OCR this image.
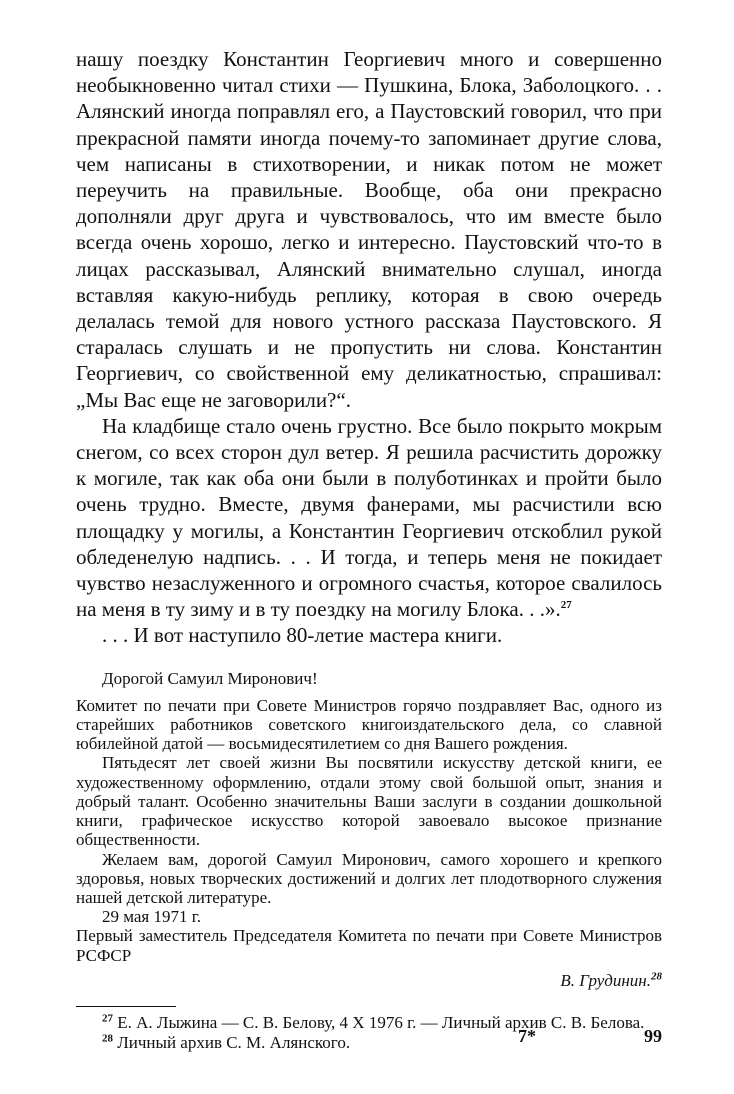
нашу поездку Константин Георгиевич много и совершенно необыкновенно читал стихи — Пушкина, Блока, Заболоцкого. . . Алянский иногда поправлял его, а Паустовский говорил, что при прекрасной памяти иногда почему-то запоминает другие слова, чем написаны в стихотворении, и никак потом не может переучить на правильные. Вообще, оба они прекрасно дополняли друг друга и чувствовалось, что им вместе было всегда очень хорошо, легко и интересно. Паустовский что-то в лицах рассказывал, Алянский внимательно слушал, иногда вставляя какую-нибудь реплику, которая в свою очередь делалась темой для нового устного рассказа Паустовского. Я старалась слушать и не пропустить ни слова. Константин Георгиевич, со свойственной ему деликатностью, спрашивал: „Мы Вас еще не заговорили?“.

На кладбище стало очень грустно. Все было покрыто мокрым снегом, со всех сторон дул ветер. Я решила расчистить дорожку к могиле, так как оба они были в полуботинках и пройти было очень трудно. Вместе, двумя фанерами, мы расчистили всю площадку у могилы, а Константин Георгиевич отскоблил рукой обледенелую надпись. . . И тогда, и теперь меня не покидает чувство незаслуженного и огромного счастья, которое свалилось на меня в ту зиму и в ту поездку на могилу Блока. . .».$^{27}$

. . . И вот наступило 80-летие мастера книги.

Дорогой Самуил Миронович!

Комитет по печати при Совете Министров горячо поздравляет Вас, одного из старейших работников советского книгоиздательского дела, со славной юбилейной датой — восьмидесятилетием со дня Вашего рождения.

Пятьдесят лет своей жизни Вы посвятили искусству детской книги, ее художественному оформлению, отдали этому свой большой опыт, знания и добрый талант. Особенно значительны Ваши заслуги в создании дошкольной книги, графическое искусство которой завоевало высокое признание общественности.

Желаем вам, дорогой Самуил Миронович, самого хорошего и крепкого здоровья, новых творческих достижений и долгих лет плодотворного служения нашей детской литературе.

29 мая 1971 г.

Первый заместитель Председателя Комитета по печати при Совете Министров РСФСР

В. Грудинин.$^{28}$

$^{27}$ Е. А. Лыжина — С. В. Белову, 4 X 1976 г. — Личный архив С. В. Белова.

$^{28}$ Личный архив С. М. Алянского.	7*	99
